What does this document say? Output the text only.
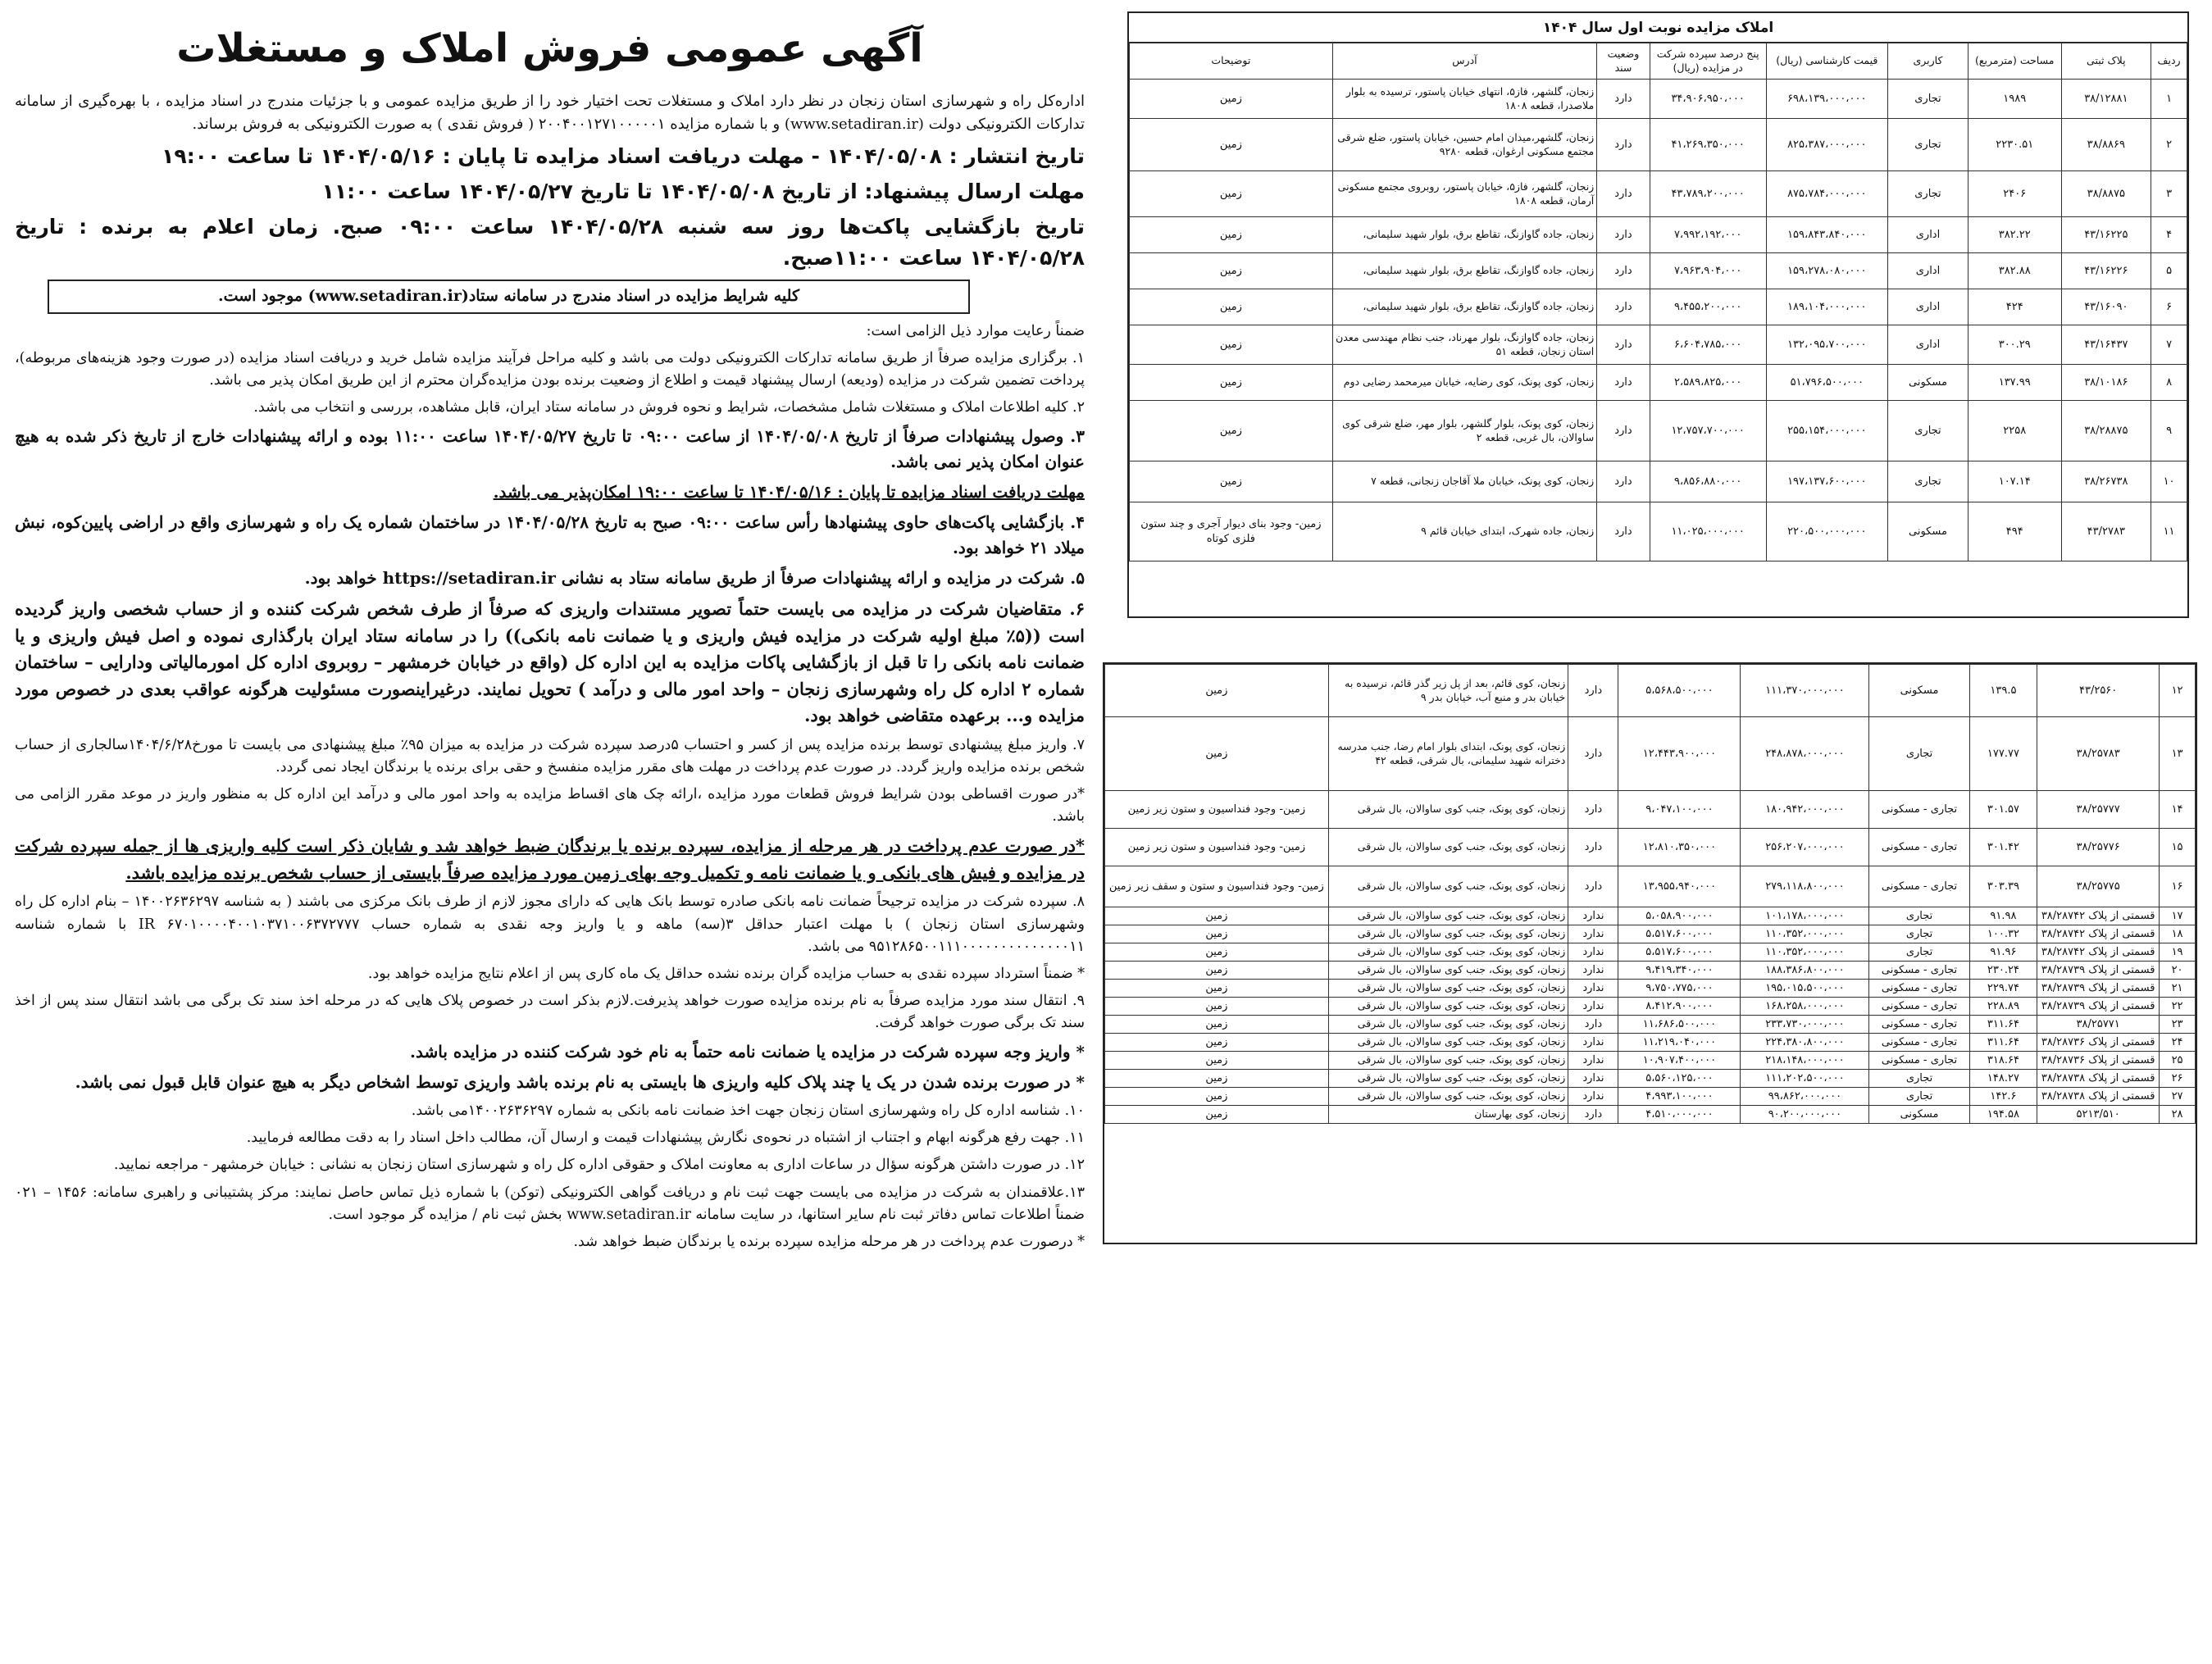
آگهی عمومی فروش املاک و مستغلات

اداره‌کل راه و شهرسازی استان زنجان در نظر دارد املاک و مستغلات تحت اختیار خود را از طریق مزایده عمومی و با جزئیات مندرج در اسناد مزایده ، با بهره‌گیری از سامانه تدارکات الکترونیکی دولت (www.setadiran.ir) و با شماره مزایده ۲۰۰۴۰۰۱۲۷۱۰۰۰۰۰۱ ( فروش نقدی ) به صورت الکترونیکی به فروش برساند.

تاریخ انتشار : ۱۴۰۴/۰۵/۰۸ - مهلت دریافت اسناد مزایده تا پایان : ۱۴۰۴/۰۵/۱۶ تا ساعت ۱۹:۰۰

مهلت ارسال پیشنهاد: از تاریخ ۱۴۰۴/۰۵/۰۸ تا تاریخ ۱۴۰۴/۰۵/۲۷ ساعت ۱۱:۰۰

تاریخ بازگشایی پاکت‌ها روز سه شنبه ۱۴۰۴/۰۵/۲۸ ساعت ۰۹:۰۰ صبح. زمان اعلام به برنده : تاریخ ۱۴۰۴/۰۵/۲۸ ساعت ۱۱:۰۰صبح.

کلیه شرایط مزایده در اسناد مندرج در سامانه ستاد(www.setadiran.ir) موجود است.

ضمناً رعایت موارد ذیل الزامی است:

۱. برگزاری مزایده صرفاً از طریق سامانه تدارکات الکترونیکی دولت می باشد و کلیه مراحل فرآیند مزایده شامل خرید و دریافت اسناد مزایده (در صورت وجود هزینه‌های مربوطه)، پرداخت تضمین شرکت در مزایده (ودیعه) ارسال پیشنهاد قیمت و اطلاع از وضعیت برنده بودن مزایده‌گران محترم از این طریق امکان پذیر می باشد.

۲. کلیه اطلاعات املاک و مستغلات شامل مشخصات، شرایط و نحوه فروش در سامانه ستاد ایران، قابل مشاهده، بررسی و انتخاب می باشد.

۳. وصول پیشنهادات صرفاً از تاریخ ۱۴۰۴/۰۵/۰۸ از ساعت ۰۹:۰۰ تا تاریخ ۱۴۰۴/۰۵/۲۷ ساعت ۱۱:۰۰ بوده و ارائه پیشنهادات خارج از تاریخ ذکر شده به هیچ عنوان امکان پذیر نمی باشد.

مهلت دریافت اسناد مزایده تا پایان : ۱۴۰۴/۰۵/۱۶ تا ساعت ۱۹:۰۰ امکان‌پذیر می باشد.

۴. بازگشایی پاکت‌های حاوی پیشنهادها رأس ساعت ۰۹:۰۰ صبح به تاریخ ۱۴۰۴/۰۵/۲۸ در ساختمان شماره یک راه و شهرسازی واقع در اراضی پایین‌کوه، نبش میلاد ۲۱ خواهد بود.

۵. شرکت در مزایده و ارائه پیشنهادات صرفاً از طریق سامانه ستاد به نشانی https://setadiran.ir خواهد بود.

۶. متقاضیان شرکت در مزایده می بایست حتماً تصویر مستندات واریزی که صرفاً از طرف شخص شرکت کننده و از حساب شخصی واریز گردیده است ((۵٪ مبلغ اولیه شرکت در مزایده فیش واریزی و یا ضمانت نامه بانکی)) را در سامانه ستاد ایران بارگذاری نموده و اصل فیش واریزی و یا ضمانت نامه بانکی را تا قبل از بازگشایی پاکات مزایده به این اداره کل (واقع در خیابان خرمشهر – روبروی اداره کل امورمالیاتی ودارایی – ساختمان شماره ۲ اداره کل راه وشهرسازی زنجان – واحد امور مالی و درآمد ) تحویل نمایند. درغیراینصورت مسئولیت هرگونه عواقب بعدی در خصوص مورد مزایده و... برعهده متقاضی خواهد بود.

۷. واریز مبلغ پیشنهادی توسط برنده مزایده پس از کسر و احتساب ۵درصد سپرده شرکت در مزایده به میزان ۹۵٪ مبلغ پیشنهادی می بایست تا مورخ۱۴۰۴/۶/۲۸سالجاری از حساب شخص برنده مزایده واریز گردد. در صورت عدم پرداخت در مهلت های مقرر مزایده منفسخ و حقی برای برنده یا برندگان ایجاد نمی گردد.

*در صورت اقساطی بودن شرایط فروش قطعات مورد مزایده ،ارائه چک های اقساط مزایده به واحد امور مالی و درآمد این اداره کل به منظور واریز در موعد مقرر الزامی می باشد.

*در صورت عدم پرداخت در هر مرحله از مزایده، سپرده برنده یا برندگان ضبط خواهد شد و شایان ذکر است کلیه واریزی ها از جمله سپرده شرکت در مزایده و فیش های بانکی و یا ضمانت نامه و تکمیل وجه بهای زمین مورد مزایده صرفاً بایستی از حساب شخص برنده مزایده باشد.

۸. سپرده شرکت در مزایده ترجیحاً ضمانت نامه بانکی صادره توسط بانک هایی که دارای مجوز لازم از طرف بانک مرکزی می باشند ( به شناسه ۱۴۰۰۲۶۳۶۲۹۷ – بنام اداره کل راه وشهرسازی استان زنجان ) با مهلت اعتبار حداقل ۳(سه) ماهه و یا واریز وجه نقدی به شماره حساب IR ۶۷۰۱۰۰۰۰۴۰۰۱۰۳۷۱۰۰۶۳۷۲۷۷۷ با شماره شناسه ۹۵۱۲۸۶۵۰۰۱۱۱۰۰۰۰۰۰۰۰۰۰۰۰۰۰۱۱ می باشد.

* ضمناً استرداد سپرده نقدی به حساب مزایده گران برنده نشده حداقل یک ماه کاری پس از اعلام نتایج مزایده خواهد بود.

۹. انتقال سند مورد مزایده صرفاً به نام برنده مزایده صورت خواهد پذیرفت.لازم بذکر است در خصوص پلاک هایی که در مرحله اخذ سند تک برگی می باشد انتقال سند پس از اخذ سند تک برگی صورت خواهد گرفت.

* واریز وجه سپرده شرکت در مزایده یا ضمانت نامه حتماً به نام خود شرکت کننده در مزایده باشد.

* در صورت برنده شدن در یک یا چند پلاک کلیه واریزی ها بایستی به نام برنده باشد واریزی توسط اشخاص دیگر به هیچ عنوان قابل قبول نمی باشد.

۱۰. شناسه اداره کل راه وشهرسازی استان زنجان جهت اخذ ضمانت نامه بانکی به شماره ۱۴۰۰۲۶۳۶۲۹۷می باشد.

۱۱. جهت رفع هرگونه ابهام و اجتناب از اشتباه در نحوه‌ی نگارش پیشنهادات قیمت و ارسال آن، مطالب داخل اسناد را به دقت مطالعه فرمایید.

۱۲. در صورت داشتن هرگونه سؤال در ساعات اداری به معاونت املاک و حقوقی اداره کل راه و شهرسازی استان زنجان به نشانی : خیابان خرمشهر - مراجعه نمایید.

۱۳.علاقمندان به شرکت در مزایده می بایست جهت ثبت نام و دریافت گواهی الکترونیکی (توکن) با شماره ذیل تماس حاصل نمایند: مرکز پشتیبانی و راهبری سامانه: ۱۴۵۶ – ۰۲۱ ضمناً اطلاعات تماس دفاتر ثبت نام سایر استانها، در سایت سامانه www.setadiran.ir بخش ثبت نام / مزایده گر موجود است.

* درصورت عدم پرداخت در هر مرحله مزایده سپرده برنده یا برندگان ضبط خواهد شد.

املاک مزایده نوبت اول سال ۱۴۰۴
ردیف	پلاک ثبتی	مساحت (مترمربع)	کاربری	قیمت کارشناسی (ریال)	پنج درصد سپرده شرکت در مزایده (ریال)	وضعیت سند	آدرس	توضیحات
۱	۳۸/۱۲۸۸۱	۱۹۸۹	تجاری	۶۹۸،۱۳۹،۰۰۰،۰۰۰	۳۴،۹۰۶،۹۵۰،۰۰۰	دارد	زنجان، گلشهر، فاز۵، انتهای خیابان پاستور، ترسیده به بلوار ملاصدرا، قطعه ۱۸۰۸	زمین
۲	۳۸/۸۸۶۹	۲۲۳۰.۵۱	تجاری	۸۲۵،۳۸۷،۰۰۰،۰۰۰	۴۱،۲۶۹،۳۵۰،۰۰۰	دارد	زنجان، گلشهر،میدان امام حسین، خیابان پاستور، ضلع شرقی مجتمع مسکونی ارغوان، قطعه ۹۲۸۰	زمین
۳	۳۸/۸۸۷۵	۲۴۰۶	تجاری	۸۷۵،۷۸۴،۰۰۰،۰۰۰	۴۳،۷۸۹،۲۰۰،۰۰۰	دارد	زنجان، گلشهر، فاز۵، خیابان پاستور، روبروی مجتمع مسکونی آرمان، قطعه ۱۸۰۸	زمین
۴	۴۳/۱۶۲۲۵	۳۸۲.۲۲	اداری	۱۵۹،۸۴۳،۸۴۰،۰۰۰	۷،۹۹۲،۱۹۲،۰۰۰	دارد	زنجان، جاده گاوازنگ، تقاطع برق، بلوار شهید سلیمانی،	زمین
۵	۴۳/۱۶۲۲۶	۳۸۲.۸۸	اداری	۱۵۹،۲۷۸،۰۸۰،۰۰۰	۷،۹۶۳،۹۰۴،۰۰۰	دارد	زنجان، جاده گاوازنگ، تقاطع برق، بلوار شهید سلیمانی،	زمین
۶	۴۳/۱۶۰۹۰	۴۲۴	اداری	۱۸۹،۱۰۴،۰۰۰،۰۰۰	۹،۴۵۵،۲۰۰،۰۰۰	دارد	زنجان، جاده گاوازنگ، تقاطع برق، بلوار شهید سلیمانی،	زمین
۷	۴۳/۱۶۴۳۷	۳۰۰.۲۹	اداری	۱۳۲،۰۹۵،۷۰۰،۰۰۰	۶،۶۰۴،۷۸۵،۰۰۰	دارد	زنجان، جاده گاوازنگ، بلوار مهرناد، جنب نظام مهندسی معدن استان زنجان، قطعه ۵۱	زمین
۸	۳۸/۱۰۱۸۶	۱۳۷.۹۹	مسکونی	۵۱،۷۹۶،۵۰۰،۰۰۰	۲،۵۸۹،۸۲۵،۰۰۰	دارد	زنجان، کوی پونک، کوی رضایه، خیابان میرمحمد رضایی دوم	زمین
۹	۳۸/۲۸۸۷۵	۲۲۵۸	تجاری	۲۵۵،۱۵۴،۰۰۰،۰۰۰	۱۲،۷۵۷،۷۰۰،۰۰۰	دارد	زنجان، کوی پونک، بلوار گلشهر، بلوار مهر، ضلع شرقی کوی ساوالان، بال غربی، قطعه ۲	زمین
۱۰	۳۸/۲۶۷۳۸	۱۰۷.۱۴	تجاری	۱۹۷،۱۳۷،۶۰۰،۰۰۰	۹،۸۵۶،۸۸۰،۰۰۰	دارد	زنجان، کوی پونک، خیابان ملا آقاجان زنجانی، قطعه ۷	زمین
۱۱	۴۳/۲۷۸۳	۴۹۴	مسکونی	۲۲۰،۵۰۰،۰۰۰،۰۰۰	۱۱،۰۲۵،۰۰۰،۰۰۰	دارد	زنجان، جاده شهرک، ابتدای خیابان قائم ۹	زمین- وجود بنای دیوار آجری و چند ستون فلزی کوتاه
۱۲	۴۳/۲۵۶۰	۱۳۹.۵	مسکونی	۱۱۱،۳۷۰،۰۰۰،۰۰۰	۵،۵۶۸،۵۰۰،۰۰۰	دارد	زنجان، کوی قائم، بعد از پل زیر گذر قائم، نرسیده به خیابان بدر و منبع آب، خیابان بدر ۹	زمین
۱۳	۳۸/۲۵۷۸۳	۱۷۷.۷۷	تجاری	۲۴۸،۸۷۸،۰۰۰،۰۰۰	۱۲،۴۴۳،۹۰۰،۰۰۰	دارد	زنجان، کوی پونک، ابتدای بلوار امام رضا، جنب مدرسه دخترانه شهید سلیمانی، بال شرقی، قطعه ۴۲	زمین
۱۴	۳۸/۲۵۷۷۷	۳۰۱.۵۷	تجاری - مسکونی	۱۸۰،۹۴۲،۰۰۰،۰۰۰	۹،۰۴۷،۱۰۰،۰۰۰	دارد	زنجان، کوی پونک، جنب کوی ساوالان، بال شرقی	زمین- وجود فنداسیون و ستون زیر زمین
۱۵	۳۸/۲۵۷۷۶	۳۰۱.۴۲	تجاری - مسکونی	۲۵۶،۲۰۷،۰۰۰،۰۰۰	۱۲،۸۱۰،۳۵۰،۰۰۰	دارد	زنجان، کوی پونک، جنب کوی ساوالان، بال شرقی	زمین- وجود فنداسیون و ستون زیر زمین
۱۶	۳۸/۲۵۷۷۵	۳۰۳.۳۹	تجاری - مسکونی	۲۷۹،۱۱۸،۸۰۰،۰۰۰	۱۳،۹۵۵،۹۴۰،۰۰۰	دارد	زنجان، کوی پونک، جنب کوی ساوالان، بال شرقی	زمین- وجود فنداسیون و ستون و سقف زیر زمین
۱۷	قسمتی از پلاک ۳۸/۲۸۷۴۲	۹۱.۹۸	تجاری	۱۰۱،۱۷۸،۰۰۰،۰۰۰	۵،۰۵۸،۹۰۰،۰۰۰	ندارد	زنجان، کوی پونک، جنب کوی ساوالان، بال شرقی	زمین
۱۸	قسمتی از پلاک ۳۸/۲۸۷۴۲	۱۰۰.۳۲	تجاری	۱۱۰،۳۵۲،۰۰۰،۰۰۰	۵،۵۱۷،۶۰۰،۰۰۰	ندارد	زنجان، کوی پونک، جنب کوی ساوالان، بال شرقی	زمین
۱۹	قسمتی از پلاک ۳۸/۲۸۷۴۲	۹۱.۹۶	تجاری	۱۱۰،۳۵۲،۰۰۰،۰۰۰	۵،۵۱۷،۶۰۰،۰۰۰	ندارد	زنجان، کوی پونک، جنب کوی ساوالان، بال شرقی	زمین
۲۰	قسمتی از پلاک ۳۸/۲۸۷۳۹	۲۳۰.۲۴	تجاری - مسکونی	۱۸۸،۳۸۶،۸۰۰،۰۰۰	۹،۴۱۹،۳۴۰،۰۰۰	ندارد	زنجان، کوی پونک، جنب کوی ساوالان، بال شرقی	زمین
۲۱	قسمتی از پلاک ۳۸/۲۸۷۳۹	۲۲۹.۷۴	تجاری - مسکونی	۱۹۵،۰۱۵،۵۰۰،۰۰۰	۹،۷۵۰،۷۷۵،۰۰۰	ندارد	زنجان، کوی پونک، جنب کوی ساوالان، بال شرقی	زمین
۲۲	قسمتی از پلاک ۳۸/۲۸۷۳۹	۲۲۸.۸۹	تجاری - مسکونی	۱۶۸،۲۵۸،۰۰۰،۰۰۰	۸،۴۱۲،۹۰۰،۰۰۰	ندارد	زنجان، کوی پونک، جنب کوی ساوالان، بال شرقی	زمین
۲۳	۳۸/۲۵۷۷۱	۳۱۱.۶۴	تجاری - مسکونی	۲۳۳،۷۳۰،۰۰۰،۰۰۰	۱۱،۶۸۶،۵۰۰،۰۰۰	دارد	زنجان، کوی پونک، جنب کوی ساوالان، بال شرقی	زمین
۲۴	قسمتی از پلاک ۳۸/۲۸۷۳۶	۳۱۱.۶۴	تجاری - مسکونی	۲۲۴،۳۸۰،۸۰۰،۰۰۰	۱۱،۲۱۹،۰۴۰،۰۰۰	ندارد	زنجان، کوی پونک، جنب کوی ساوالان، بال شرقی	زمین
۲۵	قسمتی از پلاک ۳۸/۲۸۷۳۶	۳۱۸.۶۴	تجاری - مسکونی	۲۱۸،۱۴۸،۰۰۰،۰۰۰	۱۰،۹۰۷،۴۰۰،۰۰۰	ندارد	زنجان، کوی پونک، جنب کوی ساوالان، بال شرقی	زمین
۲۶	قسمتی از پلاک ۳۸/۲۸۷۳۸	۱۴۸.۲۷	تجاری	۱۱۱،۲۰۲،۵۰۰،۰۰۰	۵،۵۶۰،۱۲۵،۰۰۰	ندارد	زنجان، کوی پونک، جنب کوی ساوالان، بال شرقی	زمین
۲۷	قسمتی از پلاک ۳۸/۲۸۷۳۸	۱۴۲.۶	تجاری	۹۹،۸۶۲،۰۰۰،۰۰۰	۴،۹۹۳،۱۰۰،۰۰۰	ندارد	زنجان، کوی پونک، جنب کوی ساوالان، بال شرقی	زمین
۲۸	۵۲۱۳/۵۱۰	۱۹۴.۵۸	مسکونی	۹۰،۲۰۰،۰۰۰،۰۰۰	۴،۵۱۰،۰۰۰،۰۰۰	دارد	زنجان، کوی بهارستان	زمین
